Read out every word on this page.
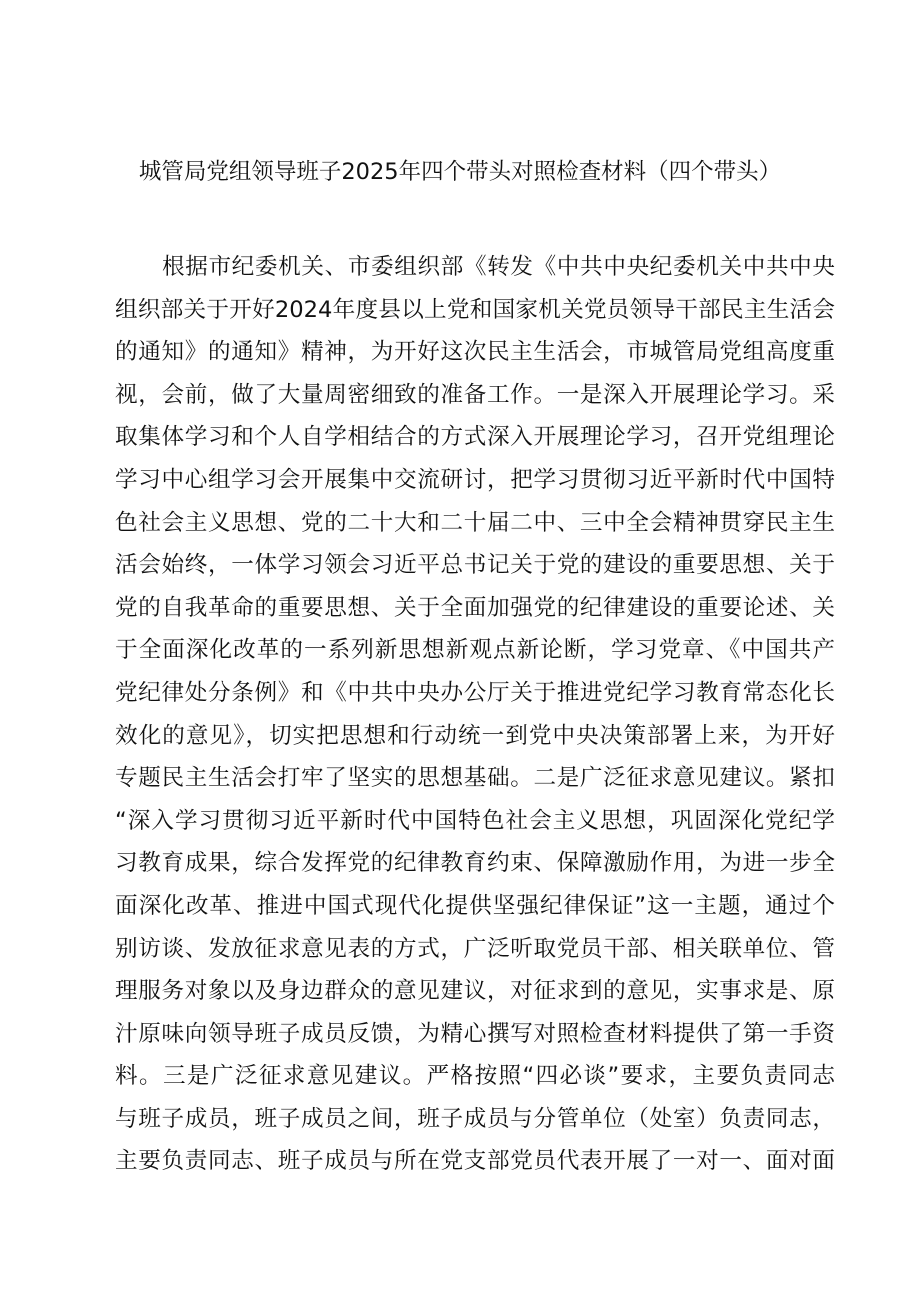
城管局党组领导班子2025年四个带头对照检查材料（四个带头）
根据市纪委机关、市委组织部《转发《中共中央纪委机关中共中央
组织部关于开好2024年度县以上党和国家机关党员领导干部民主生活会
的通知》的通知》精神，为开好这次民主生活会，市城管局党组高度重
视，会前，做了大量周密细致的准备工作。一是深入开展理论学习。采
取集体学习和个人自学相结合的方式深入开展理论学习，召开党组理论
学习中心组学习会开展集中交流研讨，把学习贯彻习近平新时代中国特
色社会主义思想、党的二十大和二十届二中、三中全会精神贯穿民主生
活会始终，一体学习领会习近平总书记关于党的建设的重要思想、关于
党的自我革命的重要思想、关于全面加强党的纪律建设的重要论述、关
于全面深化改革的一系列新思想新观点新论断，学习党章、《中国共产
党纪律处分条例》和《中共中央办公厅关于推进党纪学习教育常态化长
效化的意见》，切实把思想和行动统一到党中央决策部署上来，为开好
专题民主生活会打牢了坚实的思想基础。二是广泛征求意见建议。紧扣
“深入学习贯彻习近平新时代中国特色社会主义思想，巩固深化党纪学
习教育成果，综合发挥党的纪律教育约束、保障激励作用，为进一步全
面深化改革、推进中国式现代化提供坚强纪律保证”这一主题，通过个
别访谈、发放征求意见表的方式，广泛听取党员干部、相关联单位、管
理服务对象以及身边群众的意见建议，对征求到的意见，实事求是、原
汁原味向领导班子成员反馈，为精心撰写对照检查材料提供了第一手资
料。三是广泛征求意见建议。严格按照“四必谈”要求，主要负责同志
与班子成员，班子成员之间，班子成员与分管单位（处室）负责同志，
主要负责同志、班子成员与所在党支部党员代表开展了一对一、面对面
